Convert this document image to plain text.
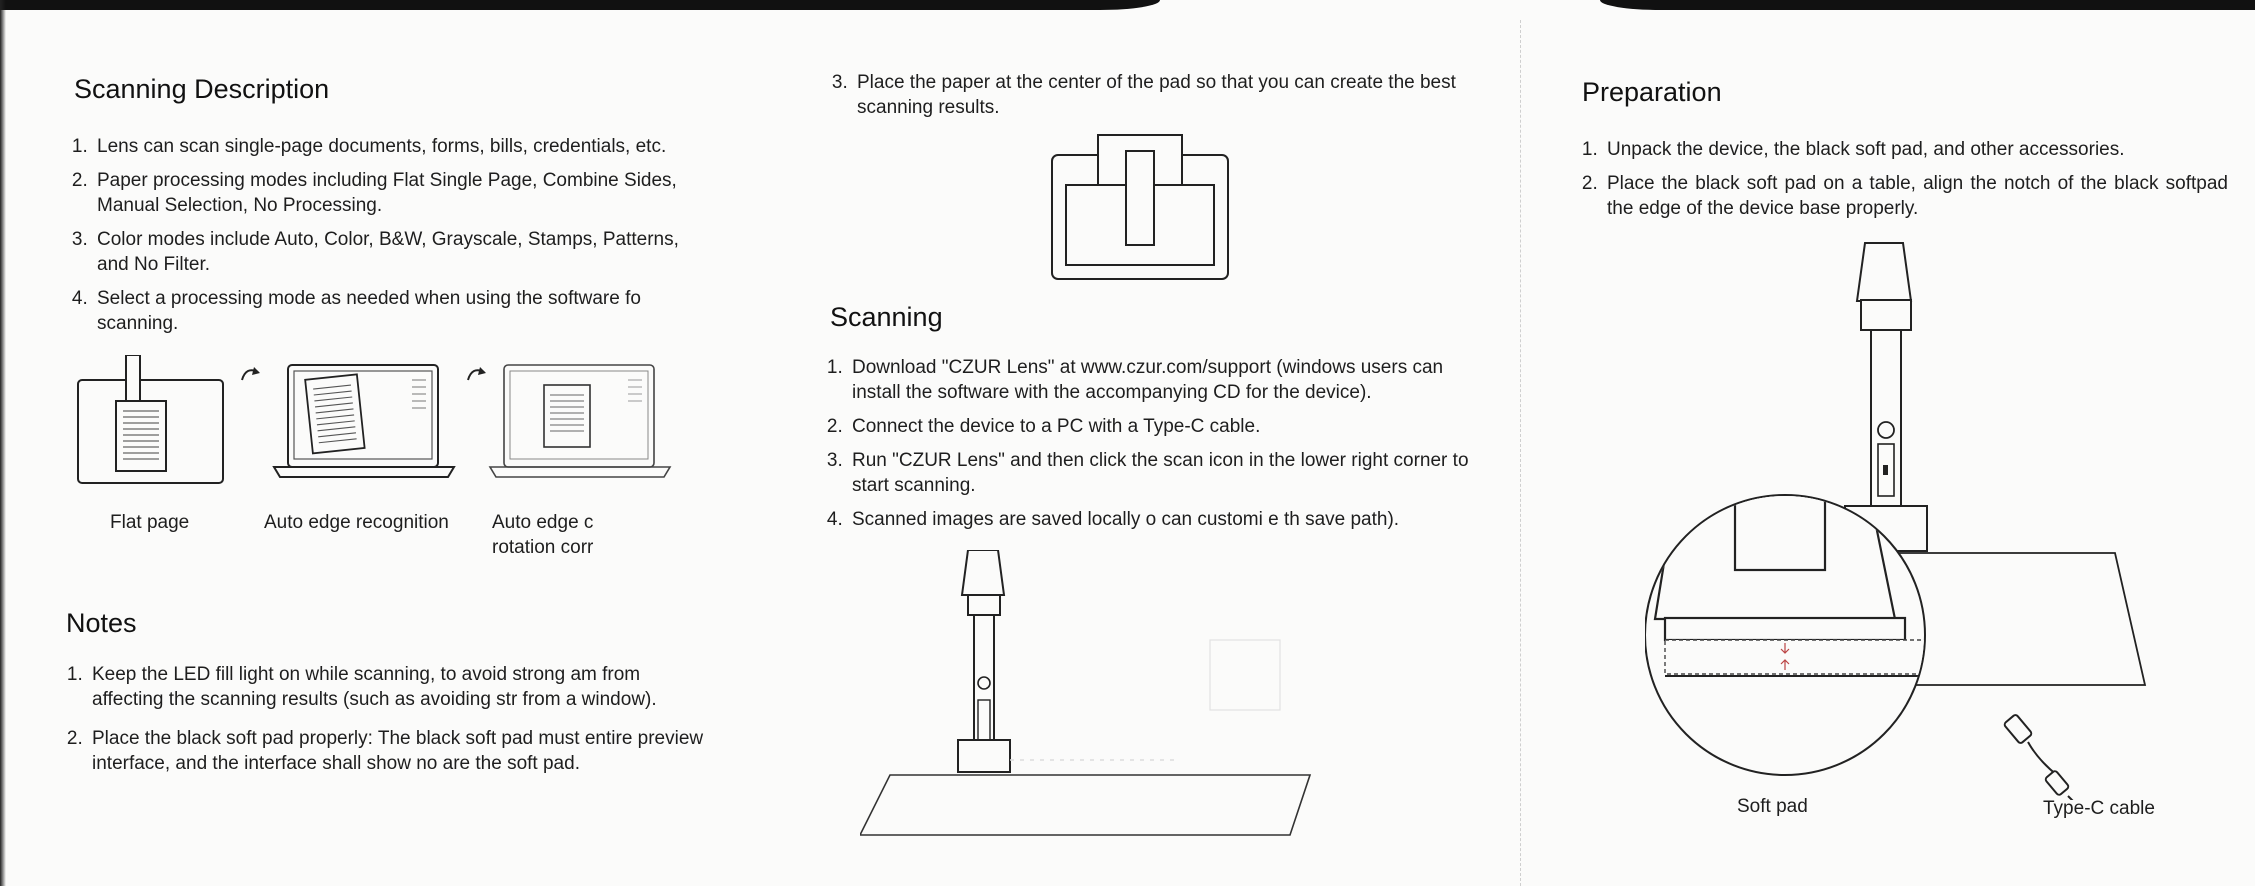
Scanning Description
1. Lens can scan single-page documents, forms, bills, credentials, etc.
2. Paper processing modes including Flat Single Page, Combine Sides, Manual Selection, No Processing.
3. Color modes include Auto, Color, B&W, Grayscale, Stamps, Patterns, and No Filter.
4. Select a processing mode as needed when using the software fo scanning.
Flat page	Auto edge recognition Auto edge c rotation corr
Notes
1. Keep the LED fill light on while scanning, to avoid strong am from affecting the scanning results (such as avoiding str from a window).
2. Place the black soft pad properly: The black soft pad must entire preview interface, and the interface shall show no are the soft pad.
3. Place the paper at the center of the pad so that you can create the best scanning results.
Scanning
1. Download "CZUR Lens" at www.czur.com/support (windows users can install the software with the accompanying CD for the device).
2. Connect the device to a PC with a Type-C cable.
3. Run "CZUR Lens" and then click the scan icon in the lower right corner to start scanning.
4. Scanned images are saved locally o can customi e th save path).
Preparation
1. Unpack the device, the black soft pad, and other accessories.
2. Place the black soft pad on a table, align the notch of the black softpad the edge of the device base properly.
Soft pad	Type-C cable
